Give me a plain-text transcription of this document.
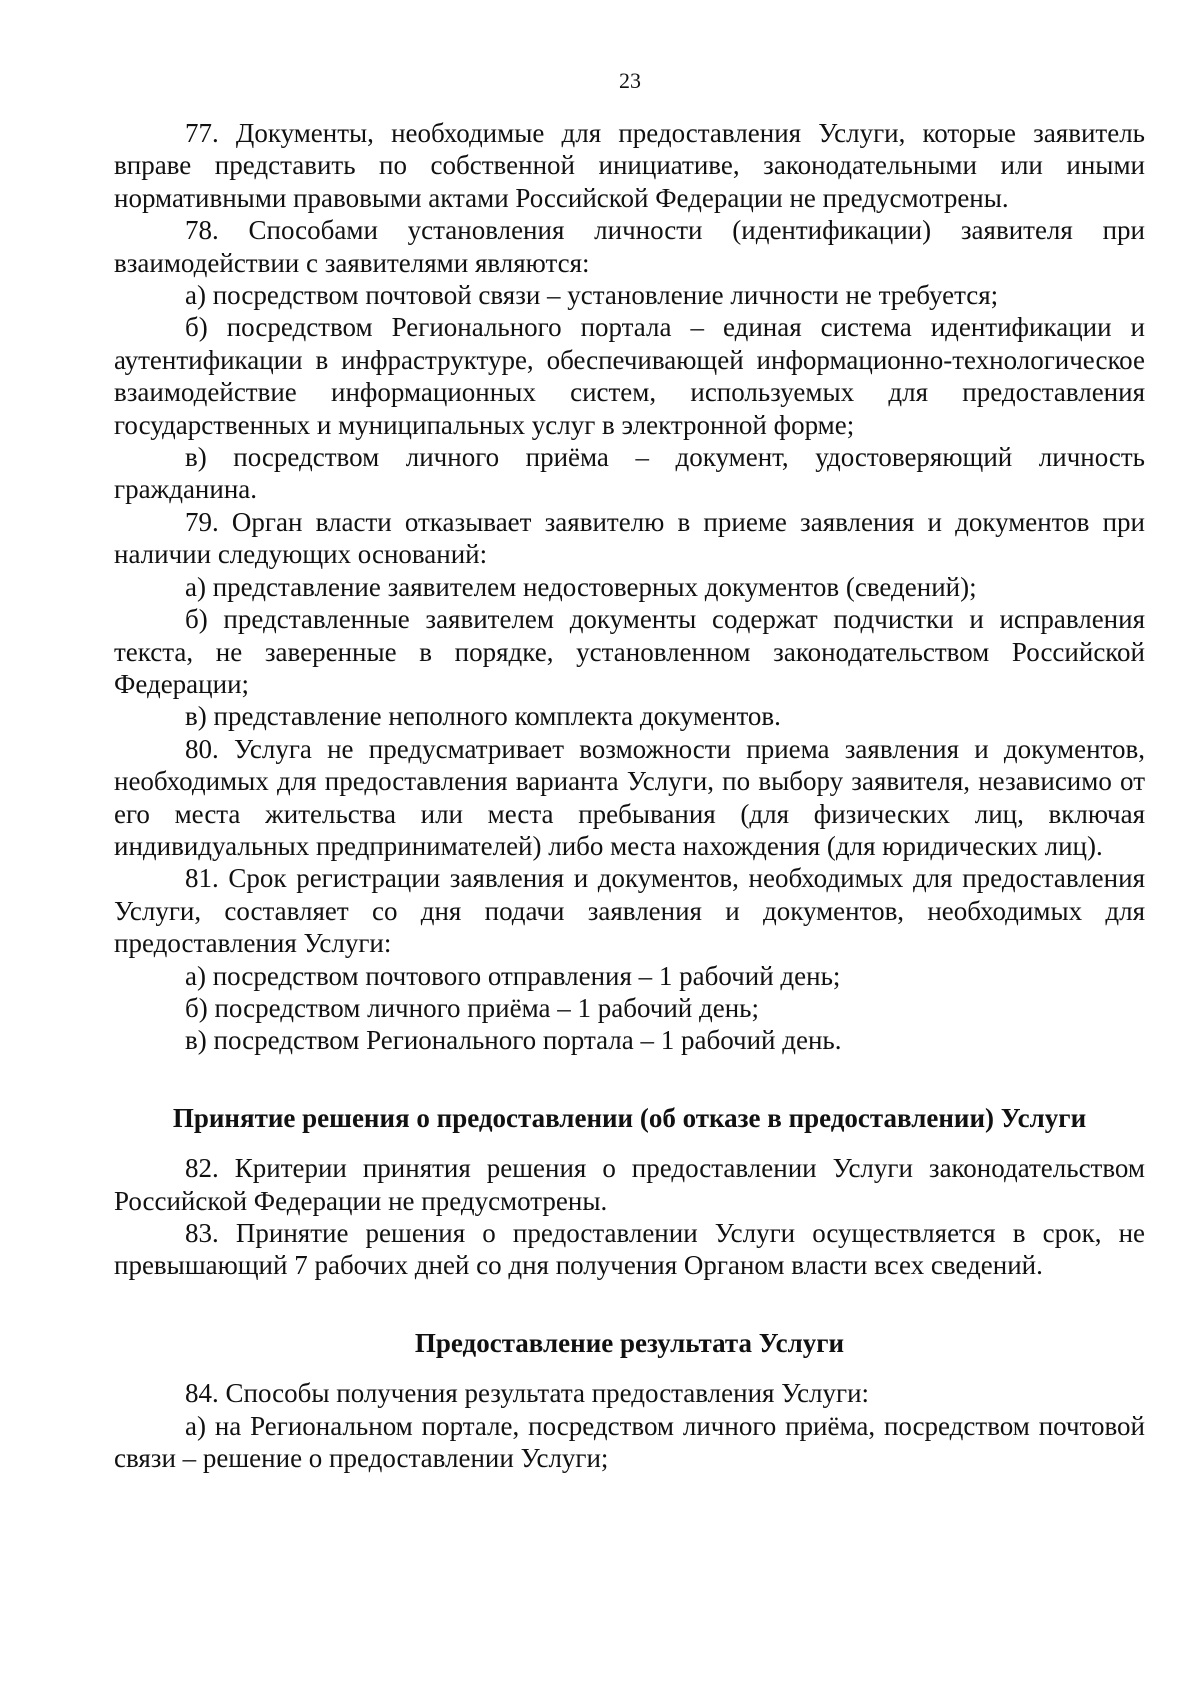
23

77. Документы, необходимые для предоставления Услуги, которые заявитель вправе представить по собственной инициативе, законодательными или иными нормативными правовыми актами Российской Федерации не предусмотрены.

78. Способами установления личности (идентификации) заявителя при взаимодействии с заявителями являются:

а) посредством почтовой связи – установление личности не требуется;

б) посредством Регионального портала – единая система идентификации и аутентификации в инфраструктуре, обеспечивающей информационно-технологическое взаимодействие информационных систем, используемых для предоставления государственных и муниципальных услуг в электронной форме;

в) посредством личного приёма – документ, удостоверяющий личность гражданина.

79. Орган власти отказывает заявителю в приеме заявления и документов при наличии следующих оснований:

а) представление заявителем недостоверных документов (сведений);

б) представленные заявителем документы содержат подчистки и исправления текста, не заверенные в порядке, установленном законодательством Российской Федерации;

в) представление неполного комплекта документов.

80. Услуга не предусматривает возможности приема заявления и документов, необходимых для предоставления варианта Услуги, по выбору заявителя, независимо от его места жительства или места пребывания (для физических лиц, включая индивидуальных предпринимателей) либо места нахождения (для юридических лиц).

81. Срок регистрации заявления и документов, необходимых для предоставления Услуги, составляет со дня подачи заявления и документов, необходимых для предоставления Услуги:

а) посредством почтового отправления – 1 рабочий день;

б) посредством личного приёма – 1 рабочий день;

в) посредством Регионального портала – 1 рабочий день.

Принятие решения о предоставлении (об отказе в предоставлении) Услуги

82. Критерии принятия решения о предоставлении Услуги законодательством Российской Федерации не предусмотрены.

83. Принятие решения о предоставлении Услуги осуществляется в срок, не превышающий 7 рабочих дней со дня получения Органом власти всех сведений.

Предоставление результата Услуги

84. Способы получения результата предоставления Услуги:

а) на Региональном портале, посредством личного приёма, посредством почтовой связи – решение о предоставлении Услуги;
